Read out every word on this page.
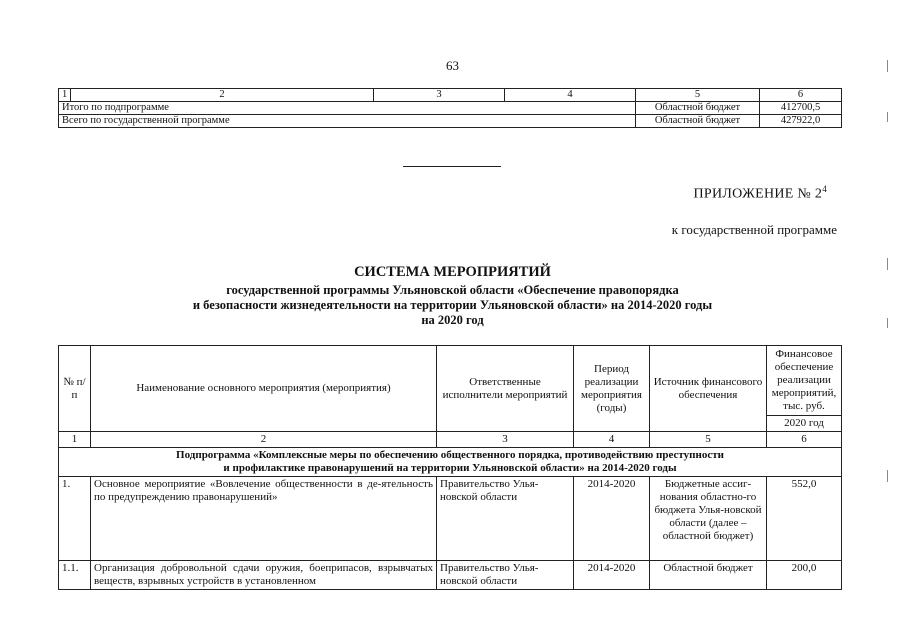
63
1	2	3	4	5	6
Итого по подпрограмме				Областной бюджет	412700,5
Всего по государственной программе				Областной бюджет	427922,0
ПРИЛОЖЕНИЕ № $2^4$
к государственной программе
СИСТЕМА МЕРОПРИЯТИЙ
государственной программы Ульяновской области «Обеспечение правопорядка
и безопасности жизнедеятельности на территории Ульяновской области» на 2014-2020 годы
на 2020 год
№ п/п	Наименование основного мероприятия (мероприятия)	Ответственные исполнители мероприятий	Период реализации мероприятия (годы)	Источник финансового обеспечения	Финансовое обеспечение реализации мероприятий, тыс. руб.
					2020 год
1	2	3	4	5	6

Подпрограмма «Комплексные меры по обеспечению общественного порядка, противодействию преступности
и профилактике правонарушений на территории Ульяновской области» на 2014-2020 годы					

1.	Основное мероприятие «Вовлечение общественности в де-ятельность по предупреждению правонарушений»	Правительство Улья-новской области	2014-2020	Бюджетные ассиг-нования областно-го бюджета Улья-новской области (далее – областной бюджет)	552,0
1.1.	Организация добровольной сдачи оружия, боеприпасов, взрывчатых веществ, взрывных устройств в установленном	Правительство Улья-новской области	2014-2020	Областной бюджет	200,0
